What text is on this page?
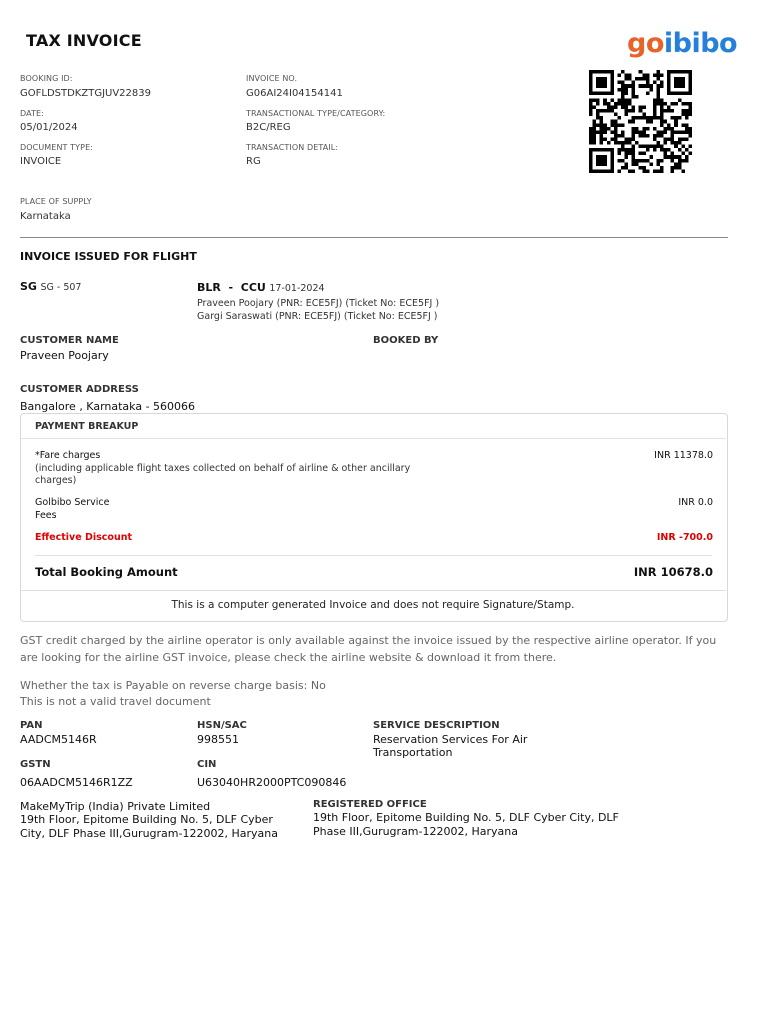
TAX INVOICE	goibibo
BOOKING ID:
GOFLDSTDKZTGJUV22839
DATE:
05/01/2024
DOCUMENT TYPE:
INVOICE
PLACE OF SUPPLY
Karnataka
INVOICE NO.
G06AI24I04154141
TRANSACTIONAL TYPE/CATEGORY:
B2C/REG
TRANSACTION DETAIL:
RG
INVOICE ISSUED FOR FLIGHT
SG SG - 507	BLR  -  CCU 17-01-2024
Praveen Poojary (PNR: ECE5FJ) (Ticket No: ECE5FJ )
Gargi Saraswati (PNR: ECE5FJ) (Ticket No: ECE5FJ )
CUSTOMER NAME
Praveen Poojary
BOOKED BY
CUSTOMER ADDRESS
Bangalore , Karnataka - 560066
PAYMENT BREAKUP
*Fare charges
(including applicable flight taxes collected on behalf of airline & other ancillary
charges)
INR 11378.0
Golbibo Service
Fees
INR 0.0
Effective Discount	INR -700.0
Total Booking Amount	INR 10678.0
This is a computer generated Invoice and does not require Signature/Stamp.
GST credit charged by the airline operator is only available against the invoice issued by the respective airline operator. If you
are looking for the airline GST invoice, please check the airline website & download it from there.
Whether the tax is Payable on reverse charge basis: No
This is not a valid travel document
PAN
AADCM5146R
HSN/SAC
998551
SERVICE DESCRIPTION
Reservation Services For Air
Transportation
GSTN
06AADCM5146R1ZZ
CIN
U63040HR2000PTC090846
MakeMyTrip (India) Private Limited
19th Floor, Epitome Building No. 5, DLF Cyber
City, DLF Phase III,Gurugram-122002, Haryana
REGISTERED OFFICE
19th Floor, Epitome Building No. 5, DLF Cyber City, DLF
Phase III,Gurugram-122002, Haryana
